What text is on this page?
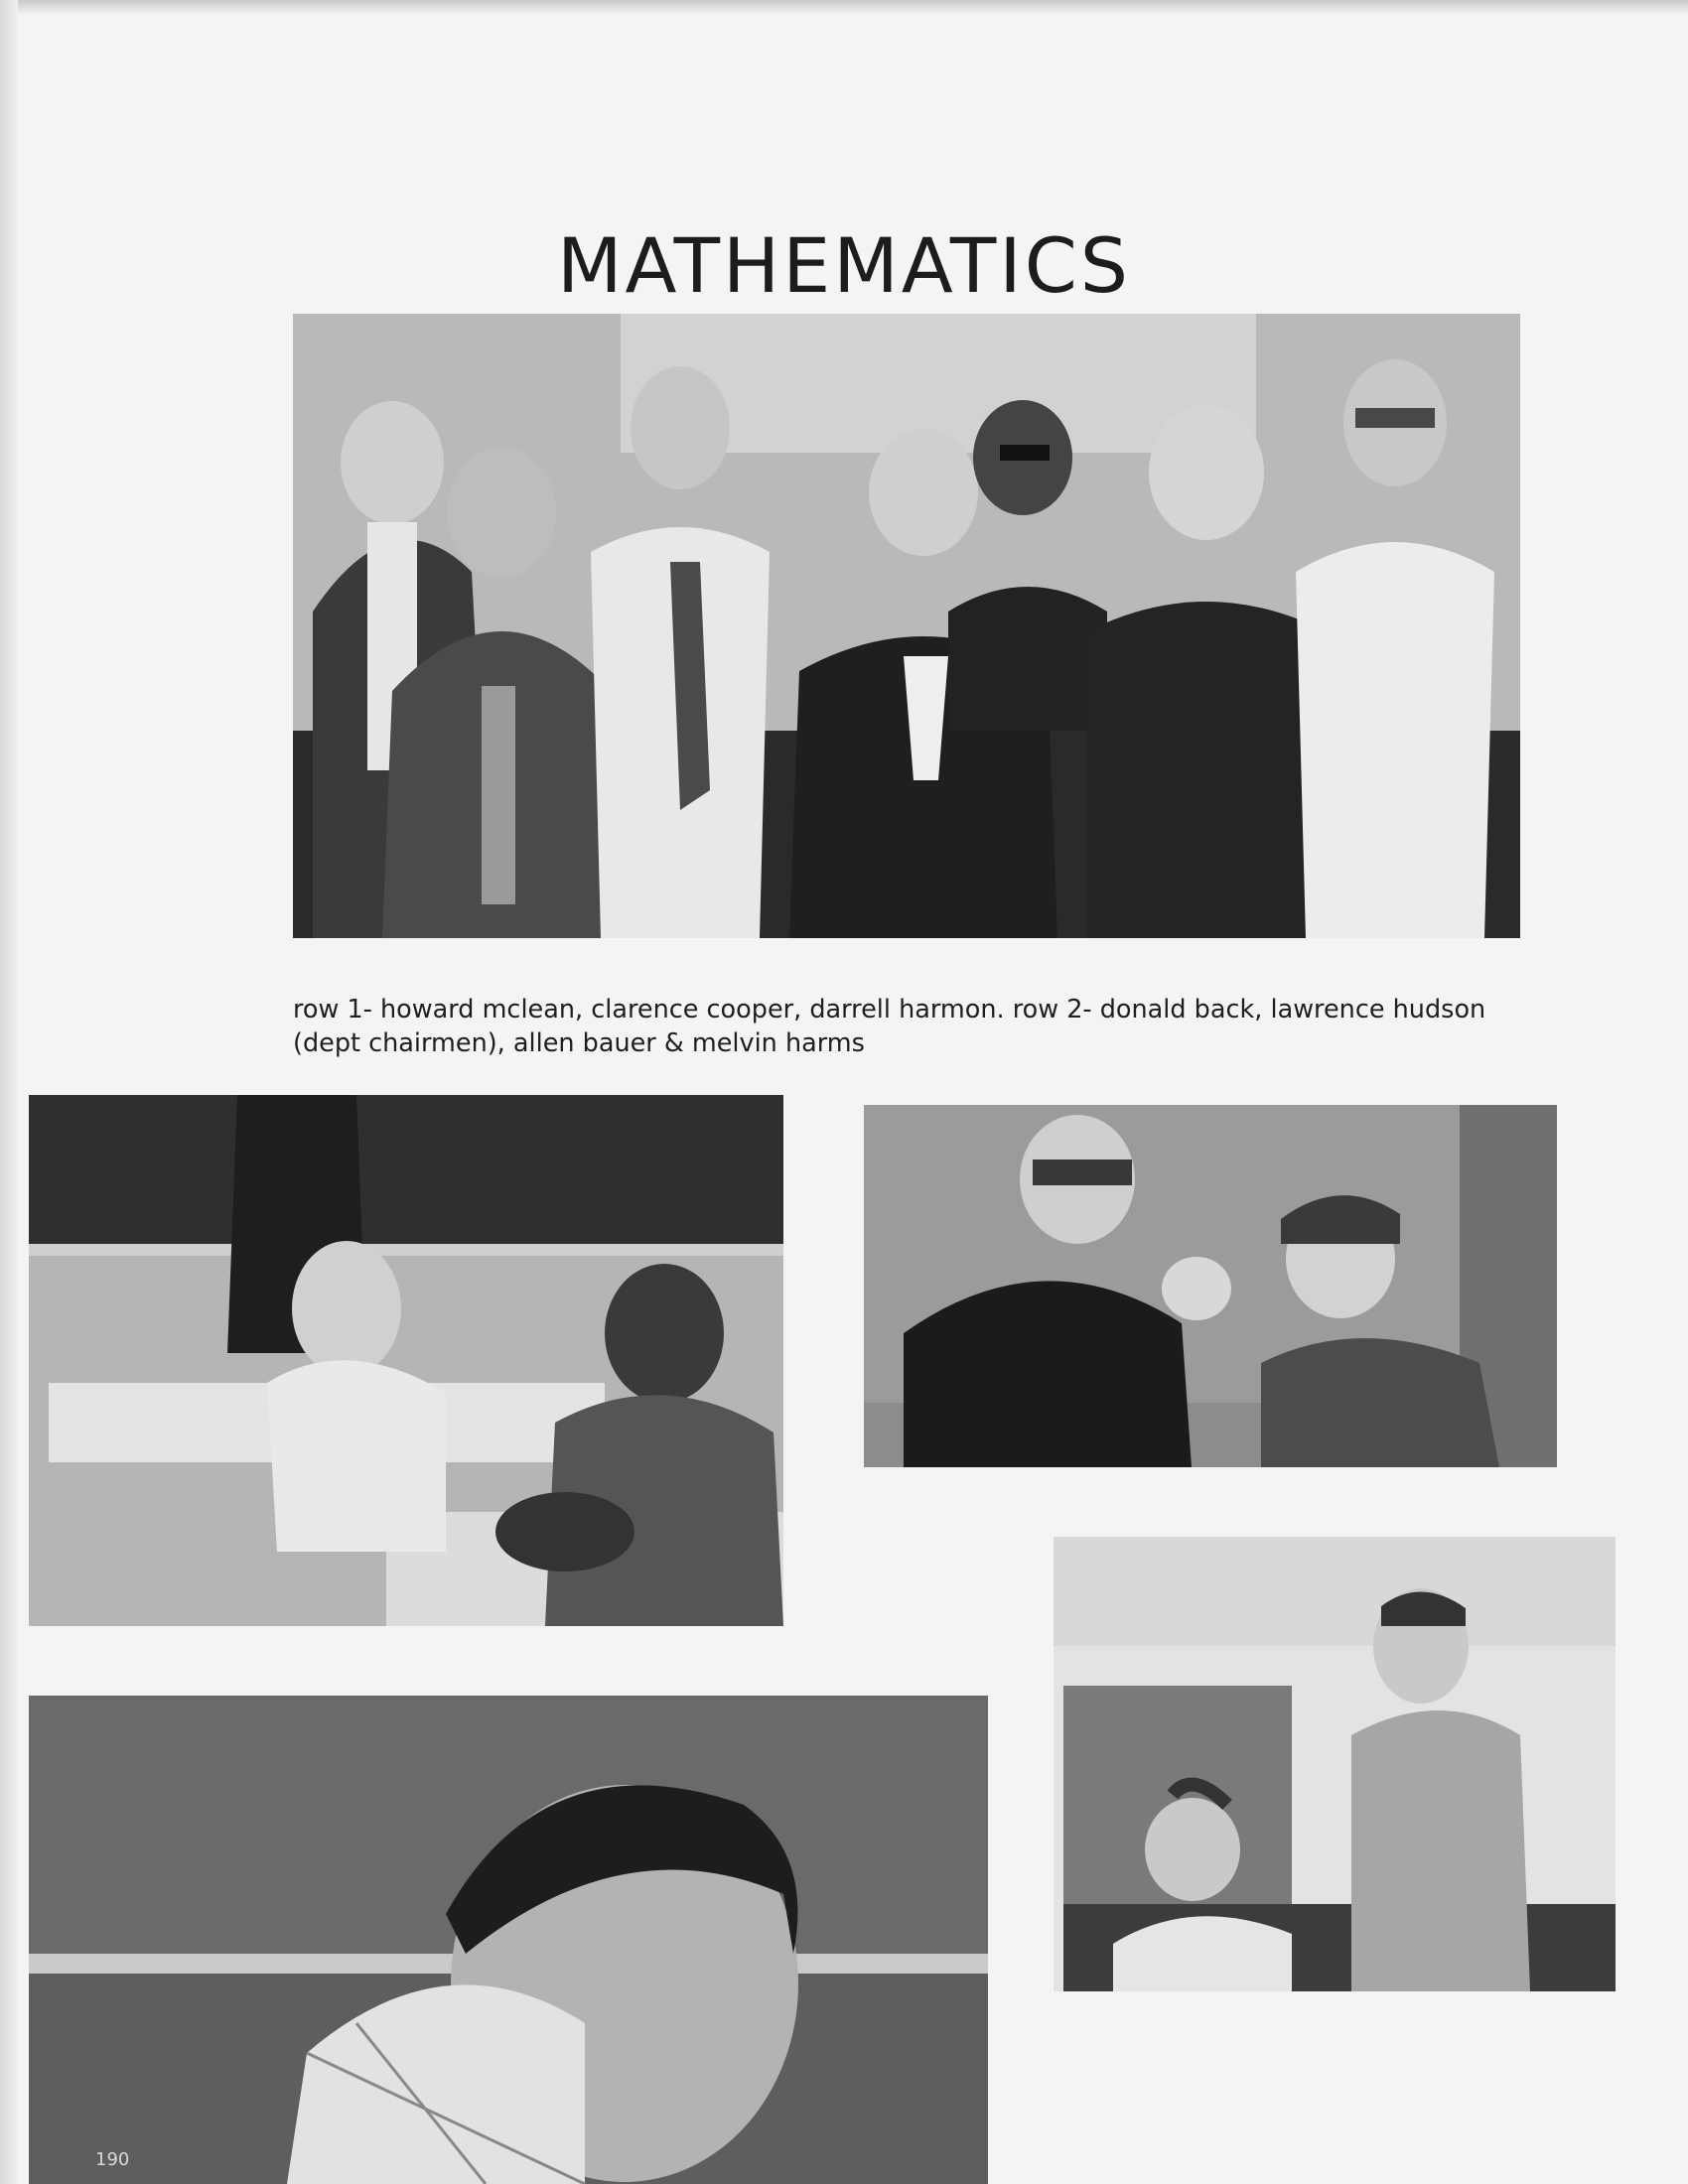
MATHEMATICS

row 1- howard mclean, clarence cooper, darrell harmon. row 2- donald back, lawrence hudson (dept chairmen), allen bauer & melvin harms

190
